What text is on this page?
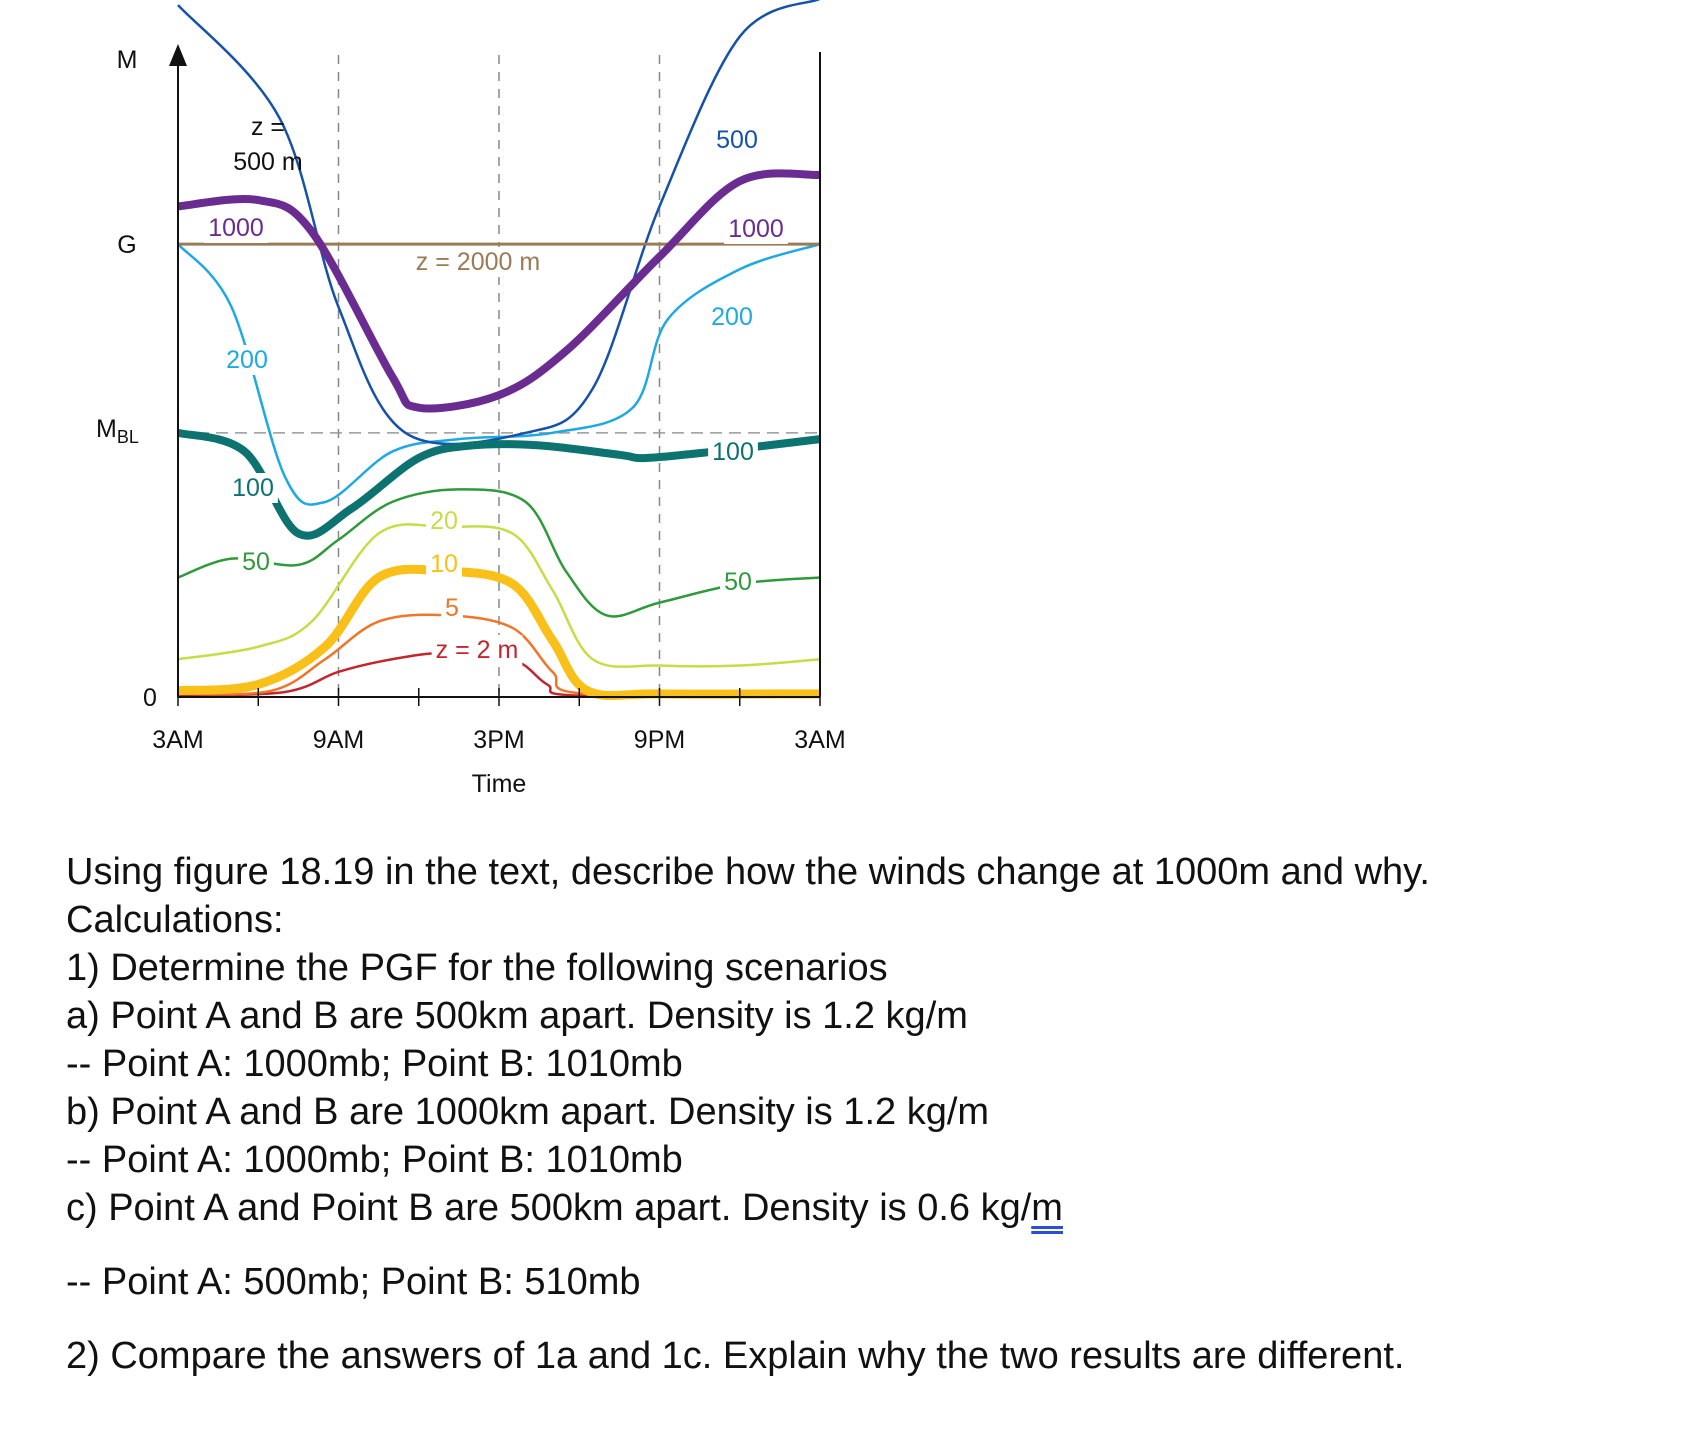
3AM	9AM	3PM	9PM	3AM
Time
M
G
$M_{BL}$
0
500
1000	1000
z = 2000 m
200
200
100
100
50
50
20
10
5
z = 2 m
z =
500 m

Using figure 18.19 in the text, describe how the winds change at 1000m and why.

Calculations:

1) Determine the PGF for the following scenarios

a) Point A and B are 500km apart. Density is 1.2 kg/m

-- Point A: 1000mb; Point B: 1010mb

b) Point A and B are 1000km apart. Density is 1.2 kg/m

-- Point A: 1000mb; Point B: 1010mb

c) Point A and Point B are 500km apart. Density is 0.6 kg/m

-- Point A: 500mb; Point B: 510mb

2) Compare the answers of 1a and 1c. Explain why the two results are different.
